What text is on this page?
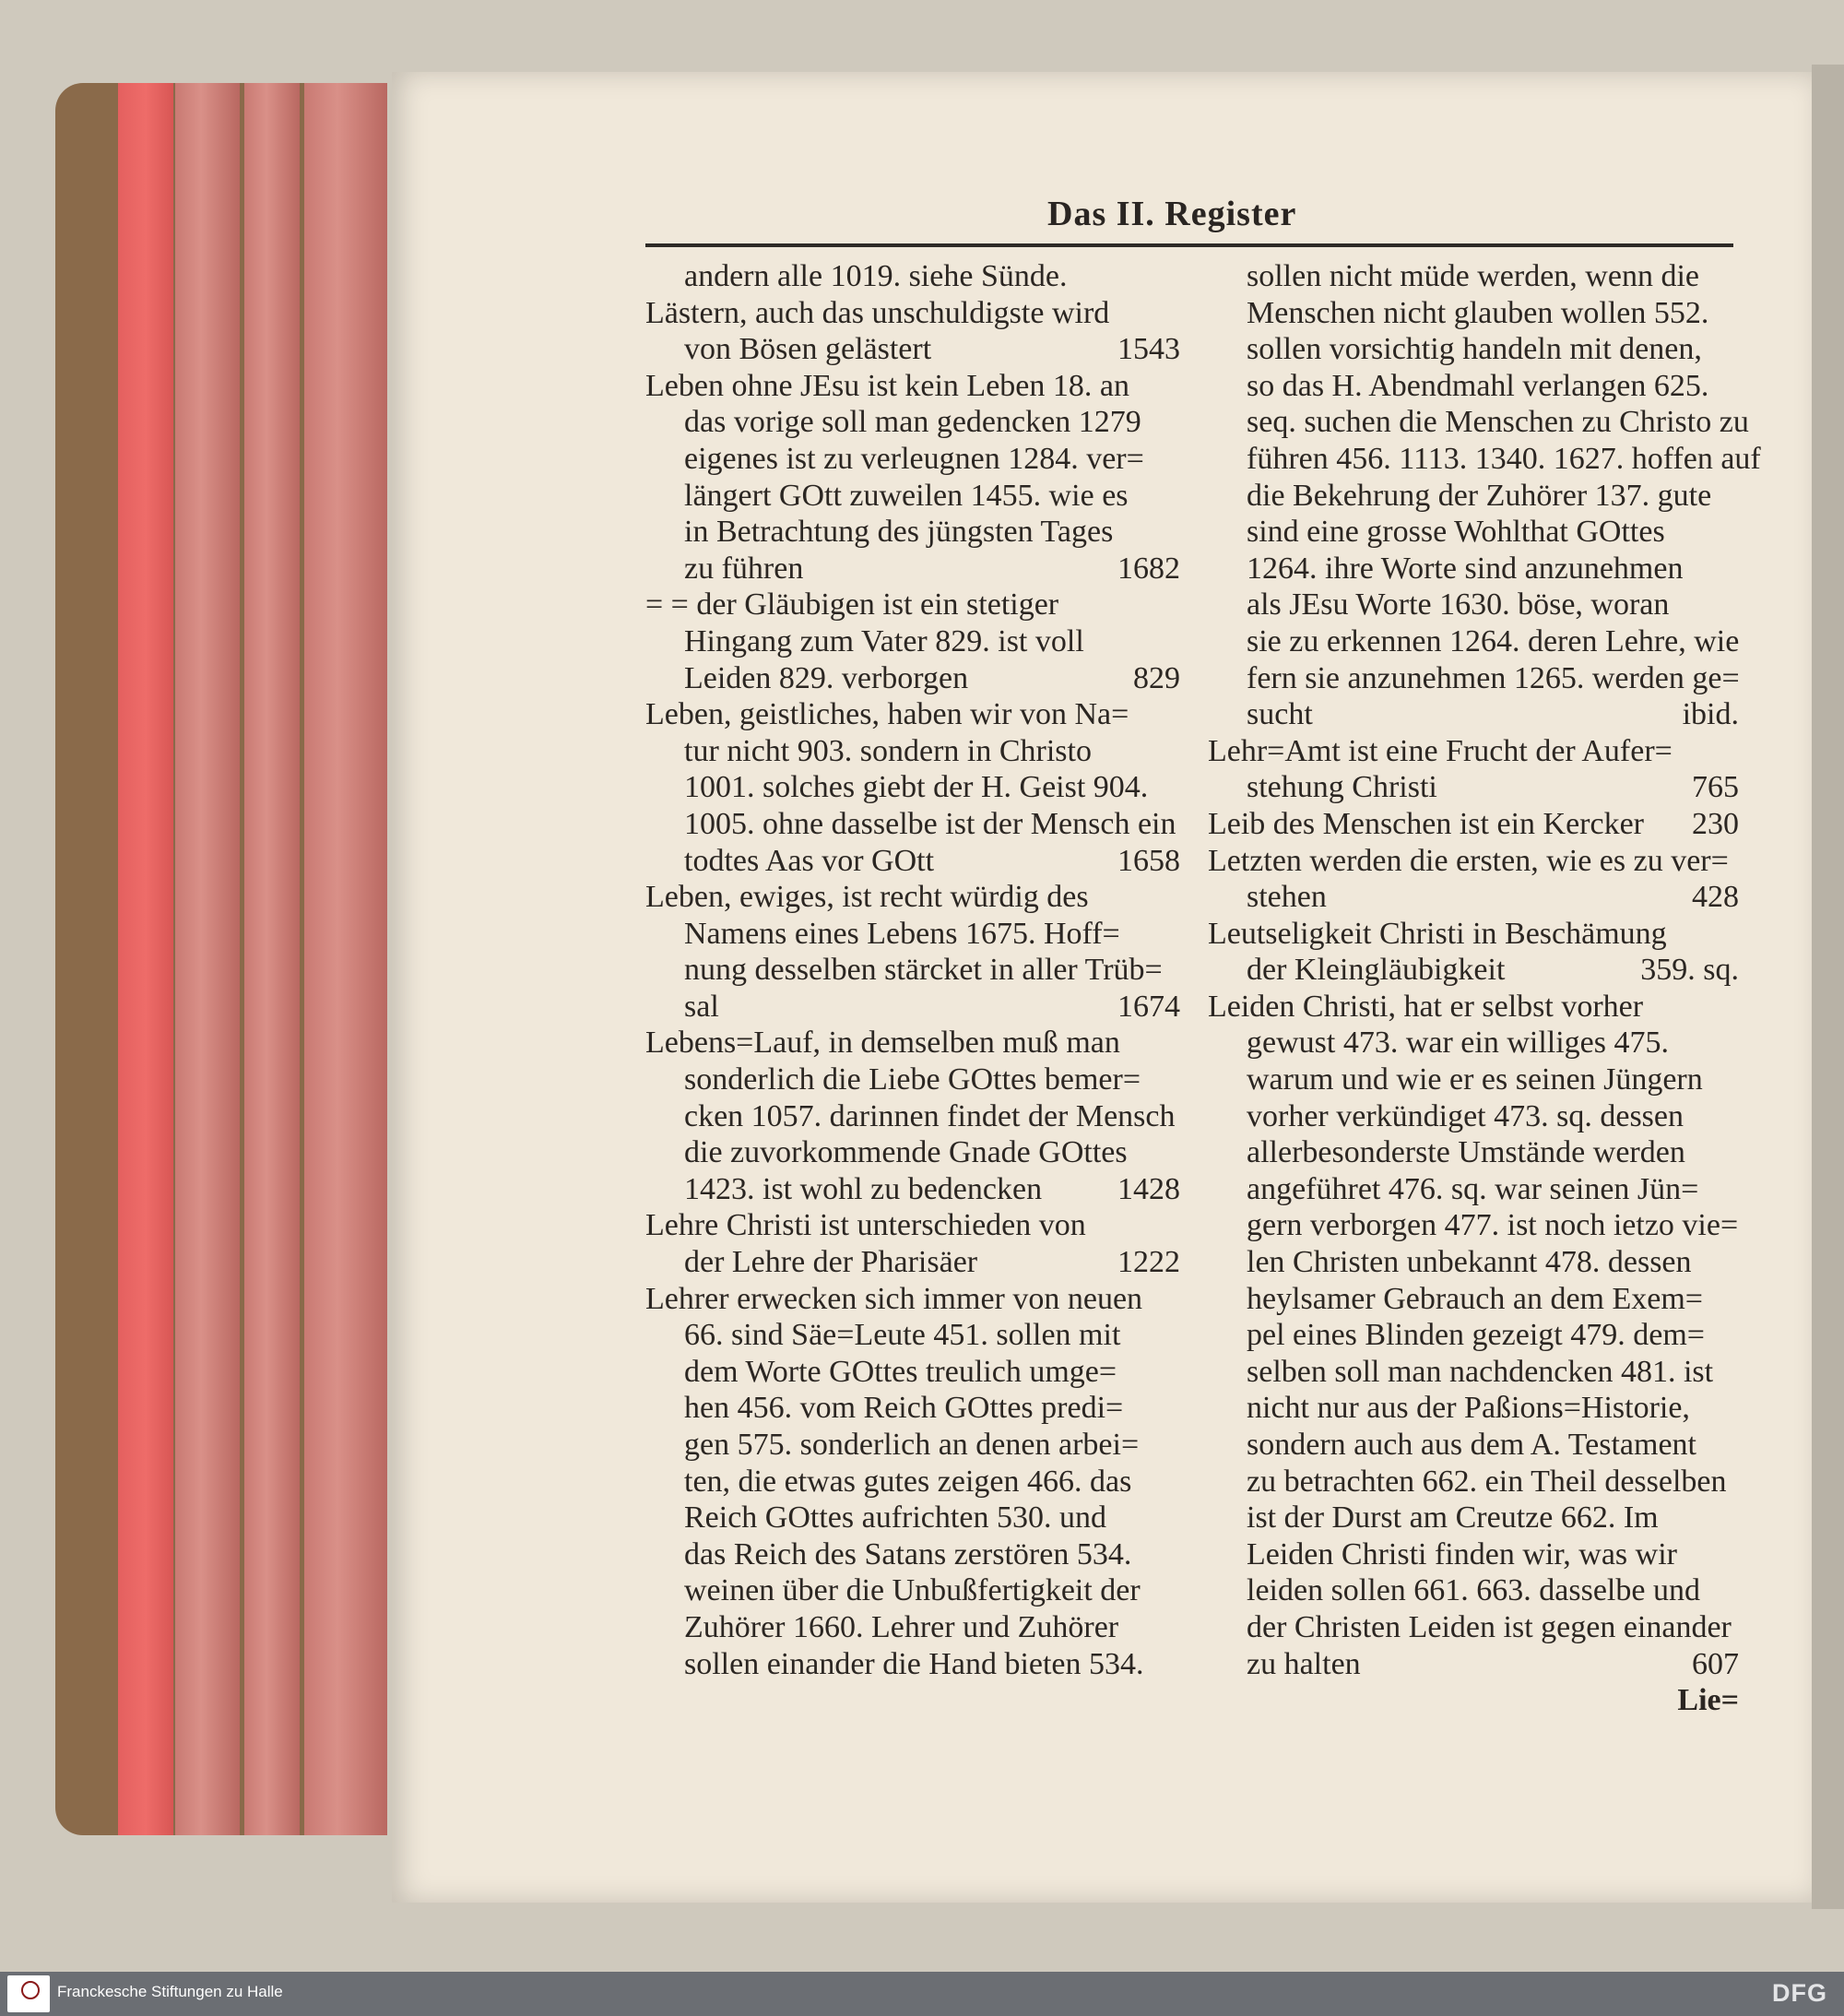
Das II. Register
andern alle 1019. siehe Sünde.
Lästern, auch das unschuldigste wird
von Bösen gelästert	1543
Leben ohne JEsu ist kein Leben 18. an
das vorige soll man gedencken 1279
eigenes ist zu verleugnen 1284. ver=
längert GOtt zuweilen 1455. wie es
in Betrachtung des jüngsten Tages
zu führen	1682
= = der Gläubigen ist ein stetiger
Hingang zum Vater 829. ist voll
Leiden 829. verborgen	829
Leben, geistliches, haben wir von Na=
tur nicht 903. sondern in Christo
1001. solches giebt der H. Geist 904.
1005. ohne dasselbe ist der Mensch ein
todtes Aas vor GOtt	1658
Leben, ewiges, ist recht würdig des
Namens eines Lebens 1675. Hoff=
nung desselben stärcket in aller Trüb=
sal	1674
Lebens=Lauf, in demselben muß man
sonderlich die Liebe GOttes bemer=
cken 1057. darinnen findet der Mensch
die zuvorkommende Gnade GOttes
1423. ist wohl zu bedencken 1428
Lehre Christi ist unterschieden von
der Lehre der Pharisäer	1222
Lehrer erwecken sich immer von neuen
66. sind Säe=Leute 451. sollen mit
dem Worte GOttes treulich umge=
hen 456. vom Reich GOttes predi=
gen 575. sonderlich an denen arbei=
ten, die etwas gutes zeigen 466. das
Reich GOttes aufrichten 530. und
das Reich des Satans zerstören 534.
weinen über die Unbußfertigkeit der
Zuhörer 1660. Lehrer und Zuhörer
sollen einander die Hand bieten 534.
sollen nicht müde werden, wenn die
Menschen nicht glauben wollen 552.
sollen vorsichtig handeln mit denen,
so das H. Abendmahl verlangen 625.
seq. suchen die Menschen zu Christo zu
führen 456. 1113. 1340. 1627. hoffen auf
die Bekehrung der Zuhörer 137. gute
sind eine grosse Wohlthat GOttes
1264. ihre Worte sind anzunehmen
als JEsu Worte 1630. böse, woran
sie zu erkennen 1264. deren Lehre, wie
fern sie anzunehmen 1265. werden ge=
sucht	ibid.
Lehr=Amt ist eine Frucht der Aufer=
stehung Christi	765
Leib des Menschen ist ein Kercker 230
Letzten werden die ersten, wie es zu ver=
stehen	428
Leutseligkeit Christi in Beschämung
der Kleingläubigkeit	359. sq.
Leiden Christi, hat er selbst vorher
gewust 473. war ein williges 475.
warum und wie er es seinen Jüngern
vorher verkündiget 473. sq. dessen
allerbesonderste Umstände werden
angeführet 476. sq. war seinen Jün=
gern verborgen 477. ist noch ietzo vie=
len Christen unbekannt 478. dessen
heylsamer Gebrauch an dem Exem=
pel eines Blinden gezeigt 479. dem=
selben soll man nachdencken 481. ist
nicht nur aus der Paßions=Historie,
sondern auch aus dem A. Testament
zu betrachten 662. ein Theil desselben
ist der Durst am Creutze 662. Im
Leiden Christi finden wir, was wir
leiden sollen 661. 663. dasselbe und
der Christen Leiden ist gegen einander
zu halten	607
Lie=
Franckesche Stiftungen zu Halle	DFG
